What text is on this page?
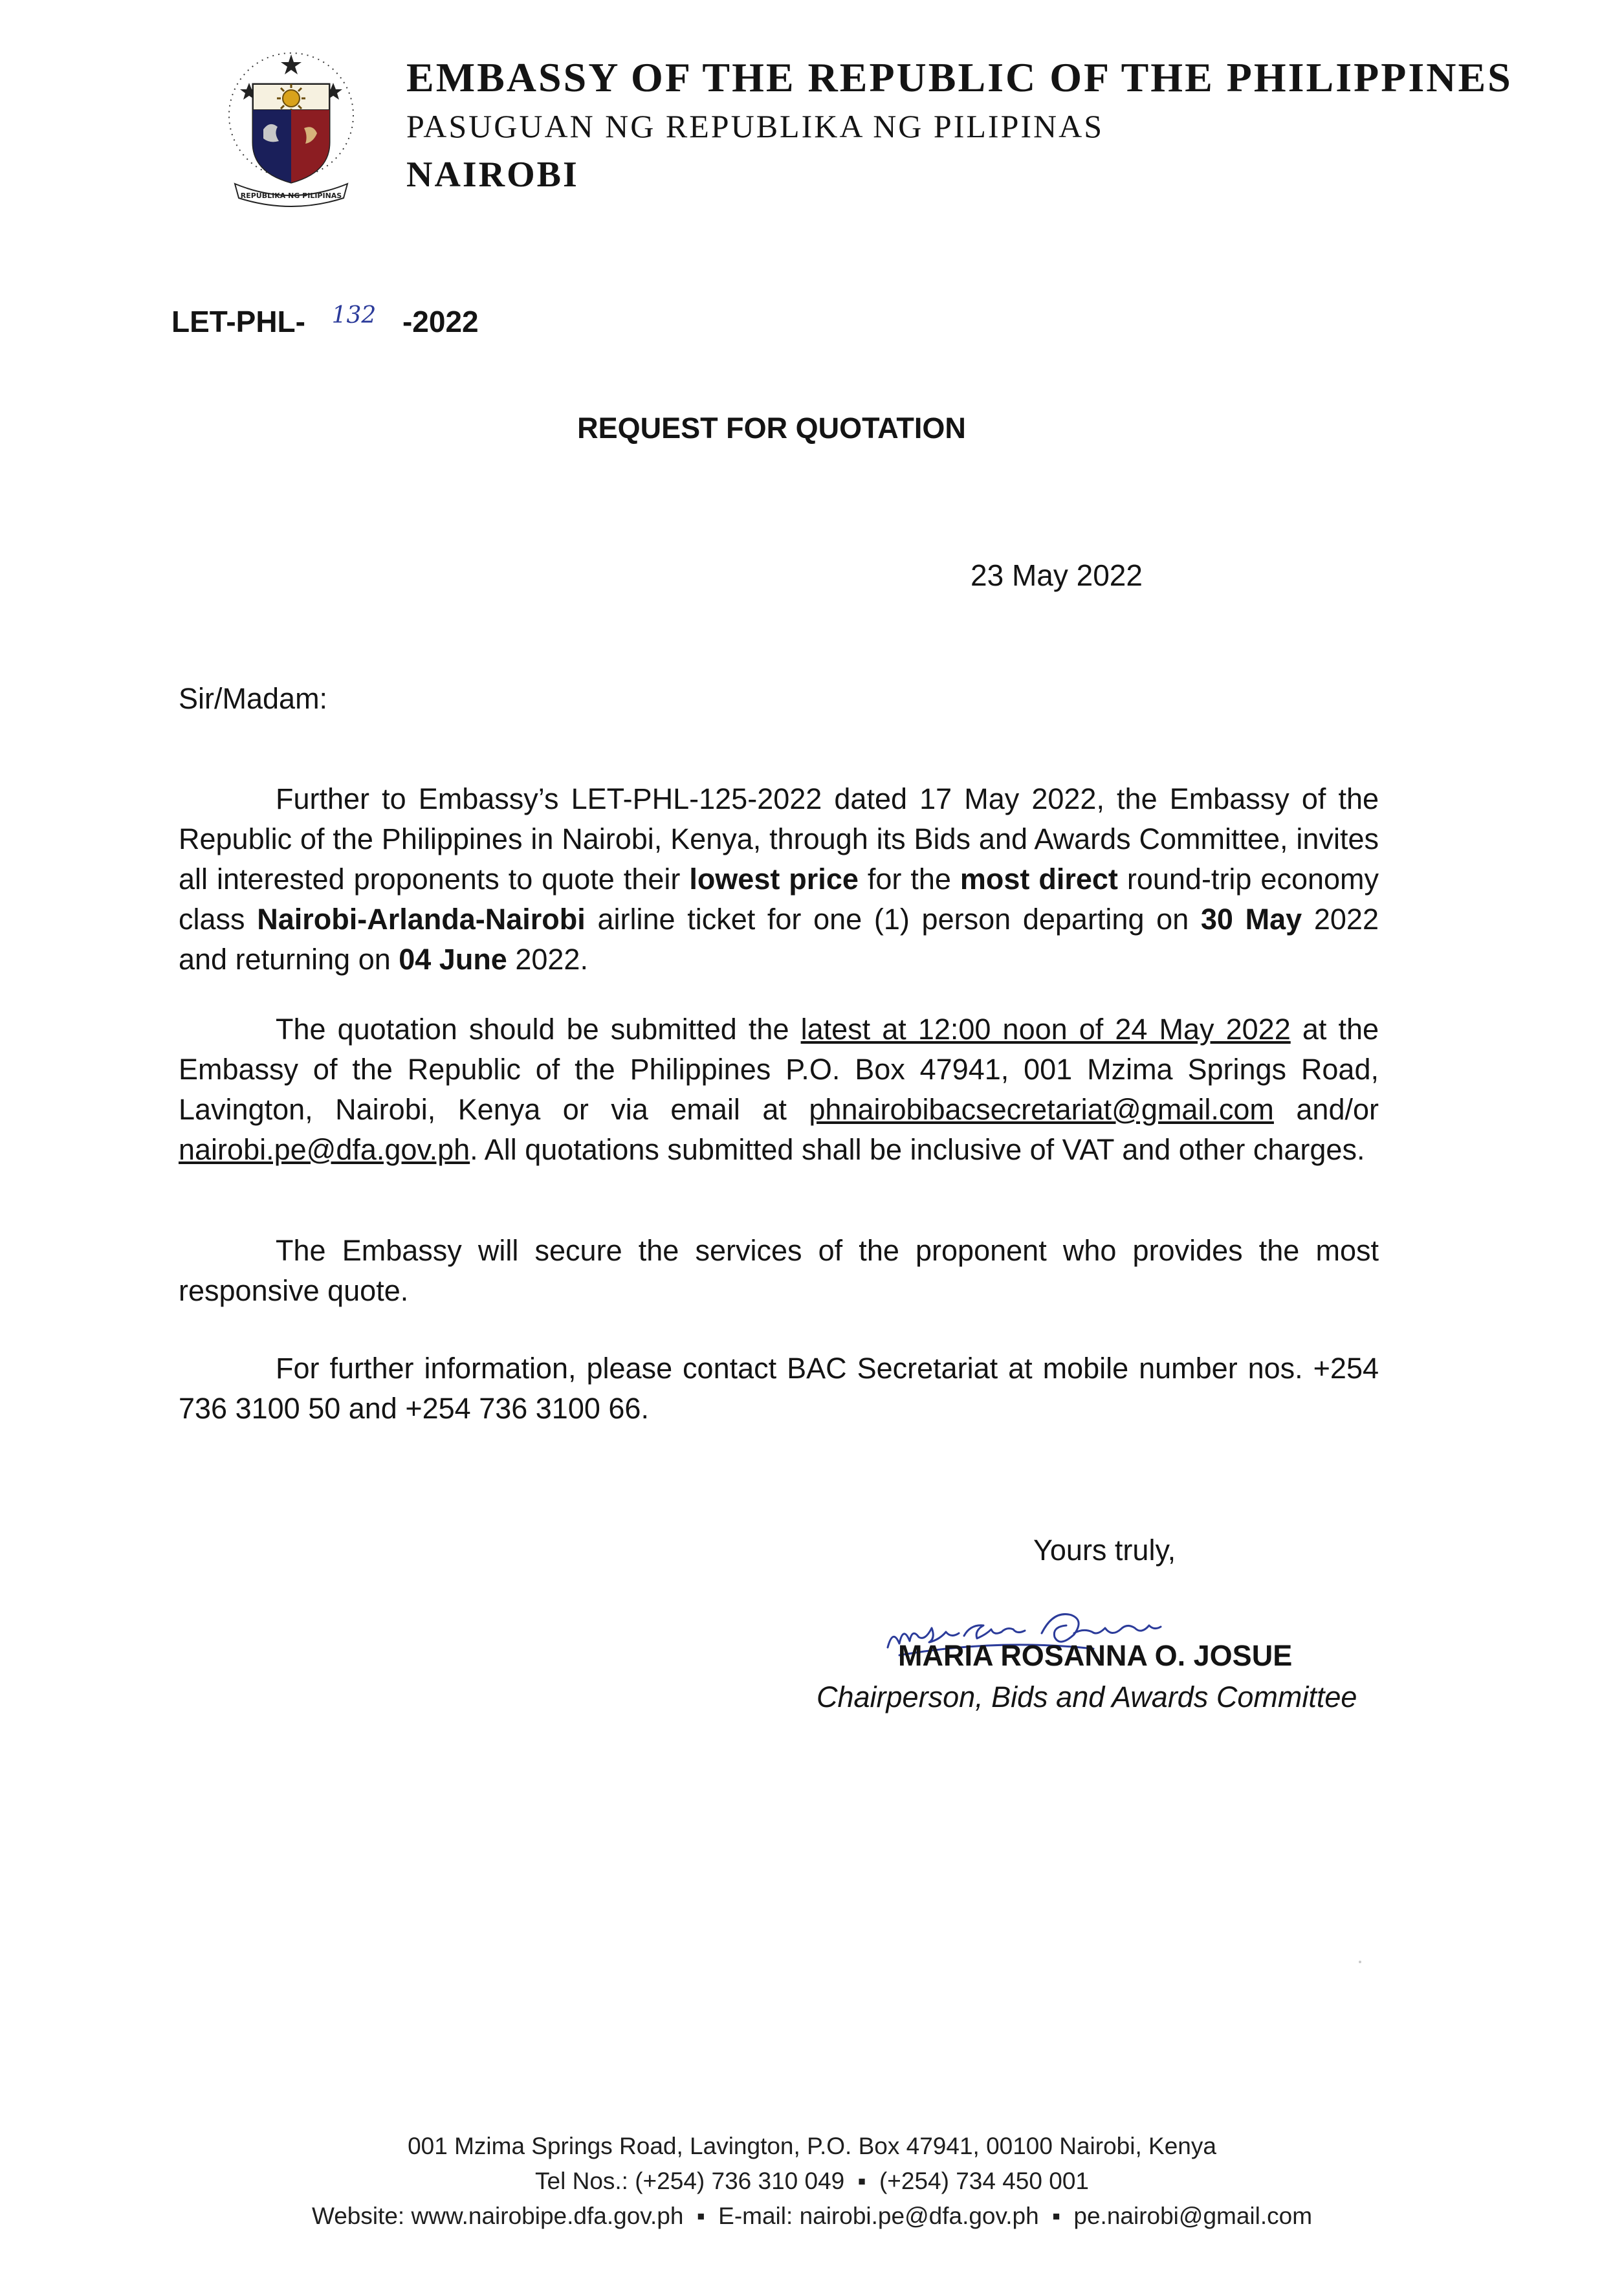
REPUBLIKA NG PILIPINAS
EMBASSY OF THE REPUBLIC OF THE PHILIPPINES
PASUGUAN NG REPUBLIKA NG PILIPINAS
NAIROBI
LET-PHL- 132 -2022
REQUEST FOR QUOTATION
23 May 2022
Sir/Madam:
Further to Embassy’s LET-PHL-125-2022 dated 17 May 2022, the Embassy of the Republic of the Philippines in Nairobi, Kenya, through its Bids and Awards Committee, invites all interested proponents to quote their lowest price for the most direct round-trip economy class Nairobi-Arlanda-Nairobi airline ticket for one (1) person departing on 30 May 2022 and returning on 04 June 2022.
The quotation should be submitted the latest at 12:00 noon of 24 May 2022 at the Embassy of the Republic of the Philippines P.O. Box 47941, 001 Mzima Springs Road, Lavington, Nairobi, Kenya or via email at phnairobibacsecretariat@gmail.com and/or nairobi.pe@dfa.gov.ph. All quotations submitted shall be inclusive of VAT and other charges.
The Embassy will secure the services of the proponent who provides the most responsive quote.
For further information, please contact BAC Secretariat at mobile number nos. +254 736 3100 50 and +254 736 3100 66.
Yours truly,
MARIA ROSANNA O. JOSUE
Chairperson, Bids and Awards Committee
001 Mzima Springs Road, Lavington, P.O. Box 47941, 00100 Nairobi, Kenya
Tel Nos.: (+254) 736 310 049 ▪ (+254) 734 450 001
Website: www.nairobipe.dfa.gov.ph ▪ E-mail: nairobi.pe@dfa.gov.ph ▪ pe.nairobi@gmail.com
